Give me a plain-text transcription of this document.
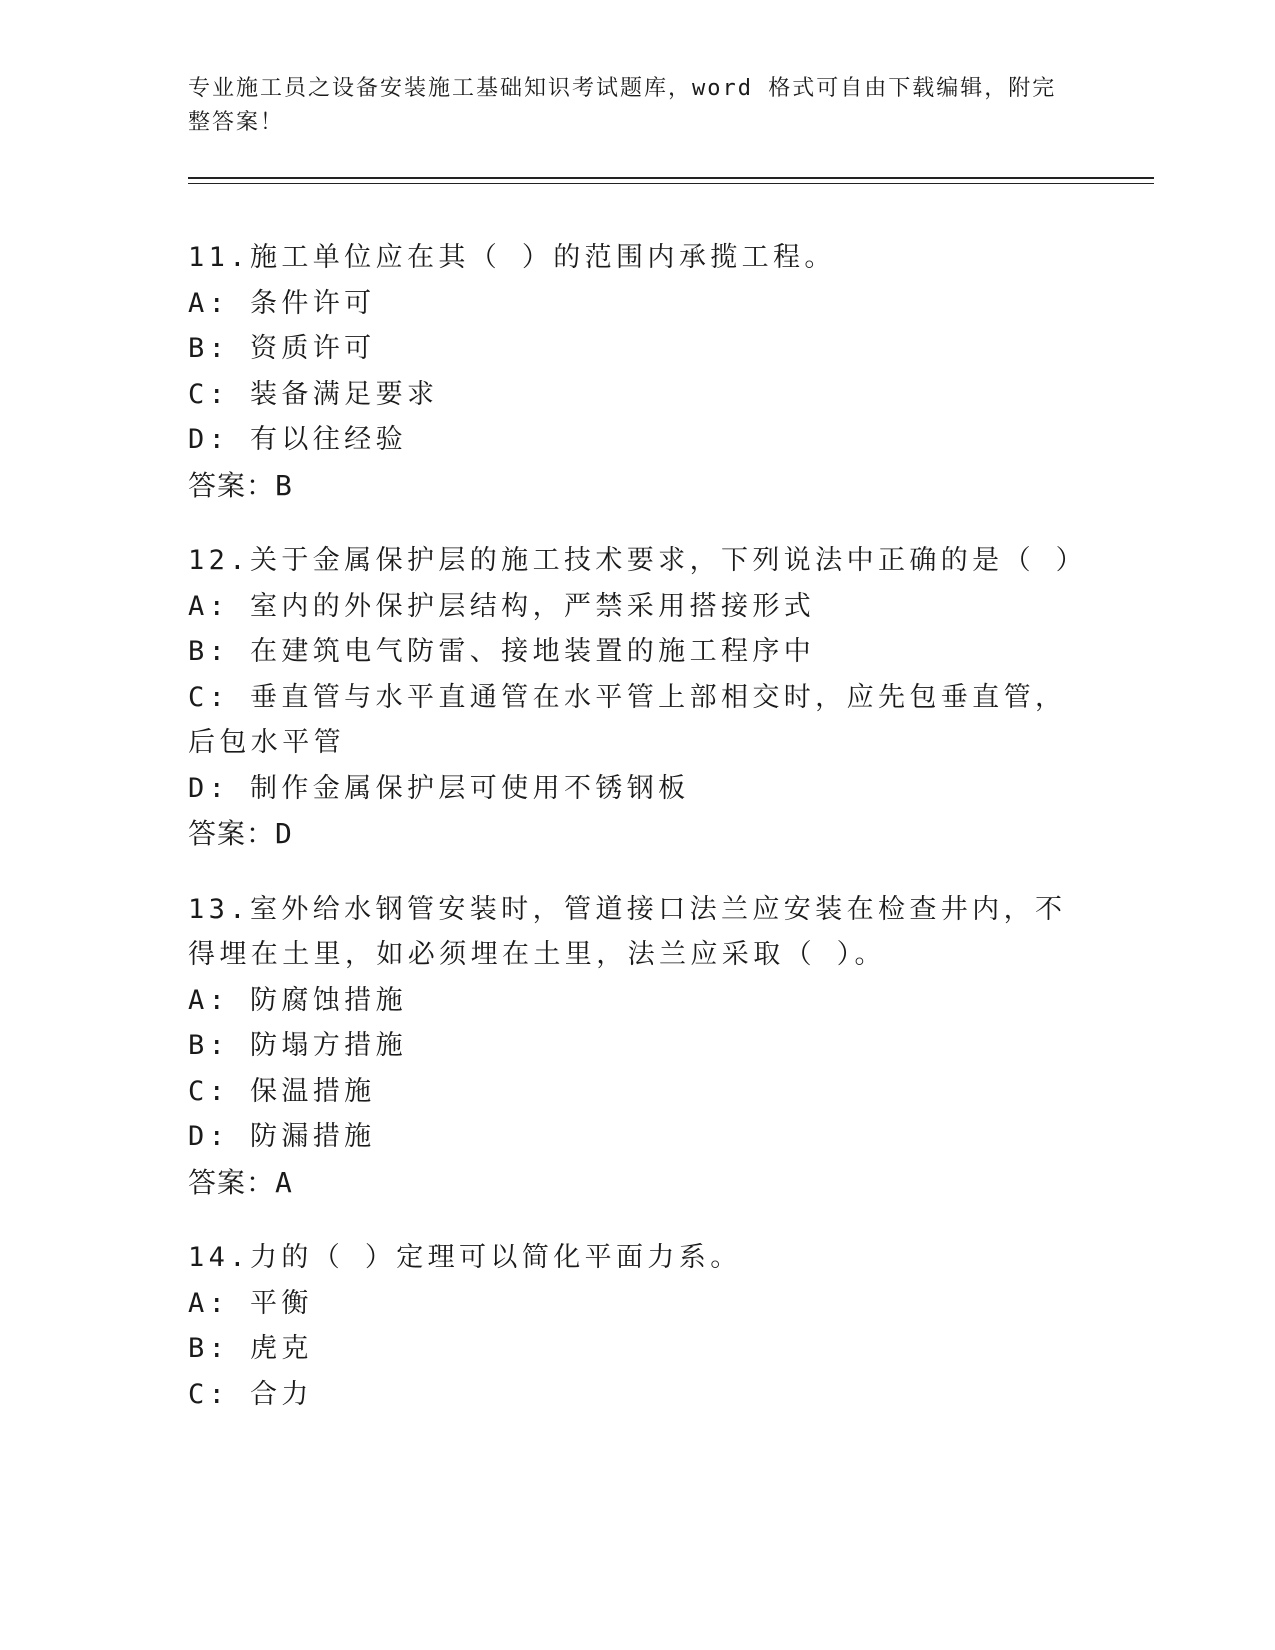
专业施工员之设备安装施工基础知识考试题库，word 格式可自由下载编辑，附完整答案！
11.施工单位应在其（ ）的范围内承揽工程。
A: 条件许可
B: 资质许可
C: 装备满足要求
D: 有以往经验
答案：B
12.关于金属保护层的施工技术要求，下列说法中正确的是（ ）
A: 室内的外保护层结构，严禁采用搭接形式
B: 在建筑电气防雷、接地装置的施工程序中
C: 垂直管与水平直通管在水平管上部相交时，应先包垂直管，后包水平管
D: 制作金属保护层可使用不锈钢板
答案：D
13.室外给水钢管安装时，管道接口法兰应安装在检查井内，不得埋在土里，如必须埋在土里，法兰应采取（ ）。
A: 防腐蚀措施
B: 防塌方措施
C: 保温措施
D: 防漏措施
答案：A
14.力的（ ）定理可以简化平面力系。
A: 平衡
B: 虎克
C: 合力
